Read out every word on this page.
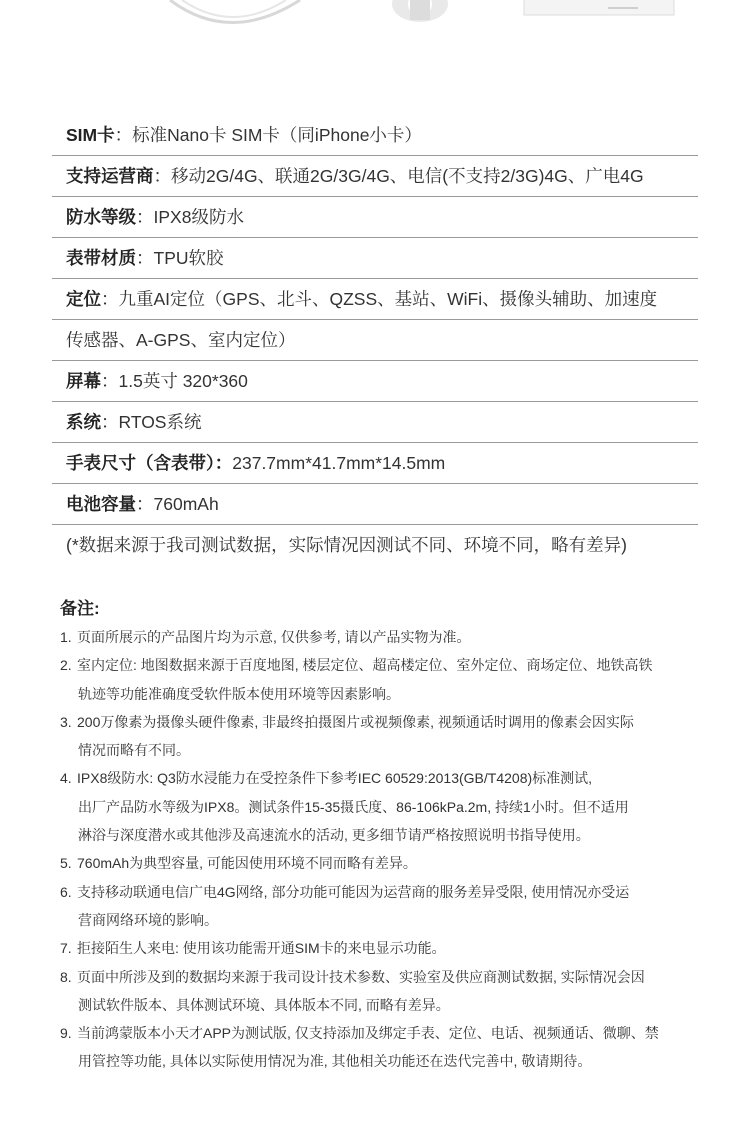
SIM卡：标准Nano卡 SIM卡（同iPhone小卡）
支持运营商：移动2G/4G、联通2G/3G/4G、电信(不支持2/3G)4G、广电4G
防水等级：IPX8级防水
表带材质：TPU软胶
定位：九重AI定位（GPS、北斗、QZSS、基站、WiFi、摄像头辅助、加速度
传感器、A-GPS、室内定位）
屏幕：1.5英寸 320*360
系统：RTOS系统
手表尺寸（含表带）：237.7mm*41.7mm*14.5mm
电池容量：760mAh
(*数据来源于我司测试数据，实际情况因测试不同、环境不同，略有差异)
备注:
1. 页面所展示的产品图片均为示意, 仅供参考, 请以产品实物为准。
2. 室内定位: 地图数据来源于百度地图, 楼层定位、超高楼定位、室外定位、商场定位、地铁高铁
轨迹等功能准确度受软件版本使用环境等因素影响。
3. 200万像素为摄像头硬件像素, 非最终拍摄图片或视频像素, 视频通话时调用的像素会因实际
情况而略有不同。
4. IPX8级防水: Q3防水浸能力在受控条件下参考IEC 60529:2013(GB/T4208)标准测试,
出厂产品防水等级为IPX8。测试条件15-35摄氏度、86-106kPa.2m, 持续1小时。但不适用
淋浴与深度潜水或其他涉及高速流水的活动, 更多细节请严格按照说明书指导使用。
5. 760mAh为典型容量, 可能因使用环境不同而略有差异。
6. 支持移动联通电信广电4G网络, 部分功能可能因为运营商的服务差异受限, 使用情况亦受运
营商网络环境的影响。
7. 拒接陌生人来电: 使用该功能需开通SIM卡的来电显示功能。
8. 页面中所涉及到的数据均来源于我司设计技术参数、实验室及供应商测试数据, 实际情况会因
测试软件版本、具体测试环境、具体版本不同, 而略有差异。
9. 当前鸿蒙版本小天才APP为测试版, 仅支持添加及绑定手表、定位、电话、视频通话、微聊、禁
用管控等功能, 具体以实际使用情况为准, 其他相关功能还在迭代完善中, 敬请期待。
